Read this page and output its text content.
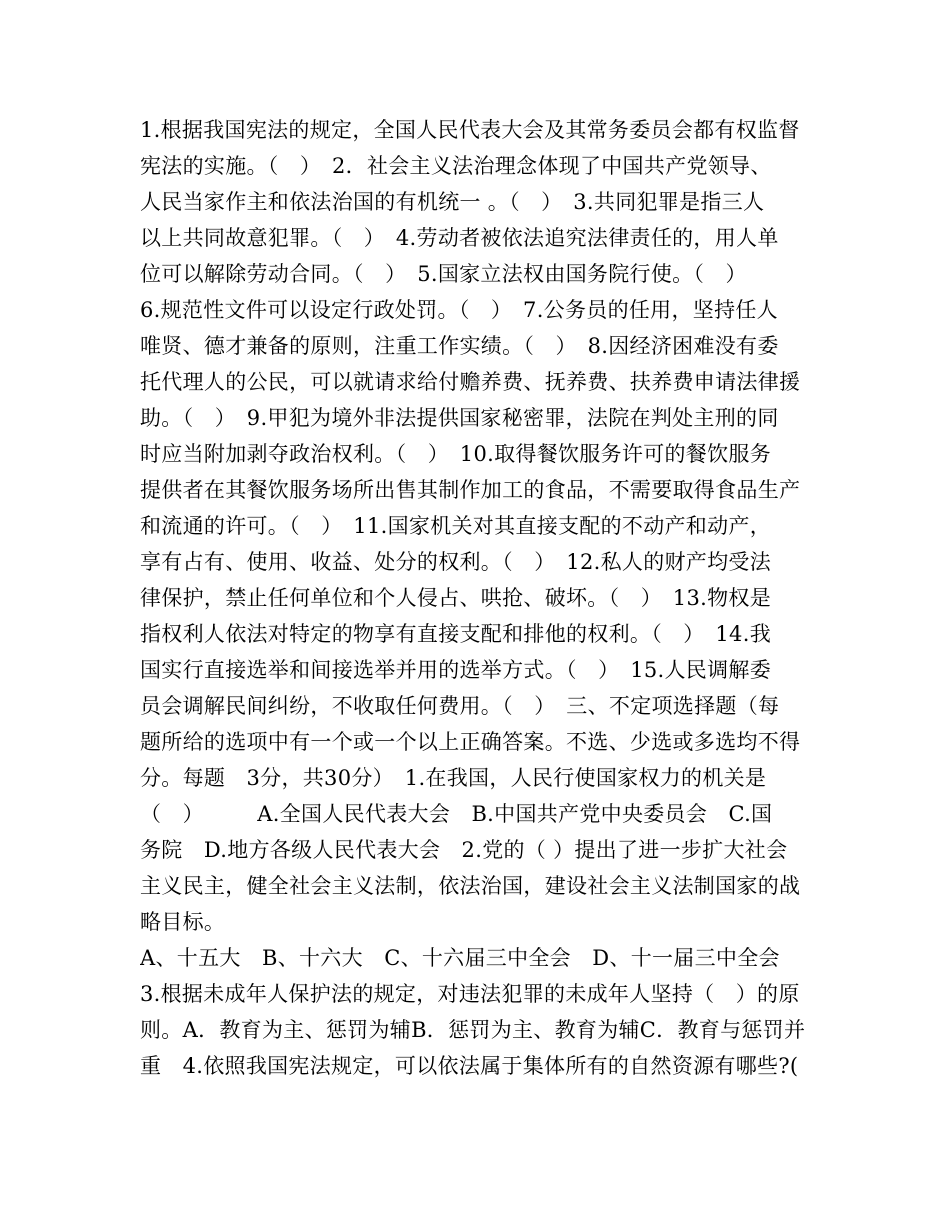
1.根据我国宪法的规定，全国人民代表大会及其常务委员会都有权监督
宪法的实施。（　）　2．社会主义法治理念体现了中国共产党领导、
人民当家作主和依法治国的有机统一 。（　）　3.共同犯罪是指三人
以上共同故意犯罪。（　）　4.劳动者被依法追究法律责任的，用人单
位可以解除劳动合同。（　）　5.国家立法权由国务院行使。（　）
6.规范性文件可以设定行政处罚。（　）　7.公务员的任用，坚持任人
唯贤、德才兼备的原则，注重工作实绩。（　）　8.因经济困难没有委
托代理人的公民，可以就请求给付赡养费、抚养费、扶养费申请法律援
助。（　）　9.甲犯为境外非法提供国家秘密罪，法院在判处主刑的同
时应当附加剥夺政治权利。（　）　10.取得餐饮服务许可的餐饮服务
提供者在其餐饮服务场所出售其制作加工的食品，不需要取得食品生产
和流通的许可。（　）　11.国家机关对其直接支配的不动产和动产，
享有占有、使用、收益、处分的权利。（　）　12.私人的财产均受法
律保护，禁止任何单位和个人侵占、哄抢、破坏。（　）　13.物权是
指权利人依法对特定的物享有直接支配和排他的权利。（　）　14.我
国实行直接选举和间接选举并用的选举方式。（　）　15.人民调解委
员会调解民间纠纷，不收取任何费用。（　）　三、不定项选择题（每
题所给的选项中有一个或一个以上正确答案。不选、少选或多选均不得
分。每题　3分，共30分）　1.在我国，人民行使国家权力的机关是
（　）　　　A.全国人民代表大会　B.中国共产党中央委员会　C.国
务院　D.地方各级人民代表大会　2.党的（ ）提出了进一步扩大社会
主义民主，健全社会主义法制，依法治国，建设社会主义法制国家的战
略目标。
A、十五大　B、十六大　C、十六届三中全会　D、十一届三中全会
3.根据未成年人保护法的规定，对违法犯罪的未成年人坚持（　）的原
则。A．教育为主、惩罚为辅B．惩罚为主、教育为辅C．教育与惩罚并
重　4.依照我国宪法规定，可以依法属于集体所有的自然资源有哪些?(
